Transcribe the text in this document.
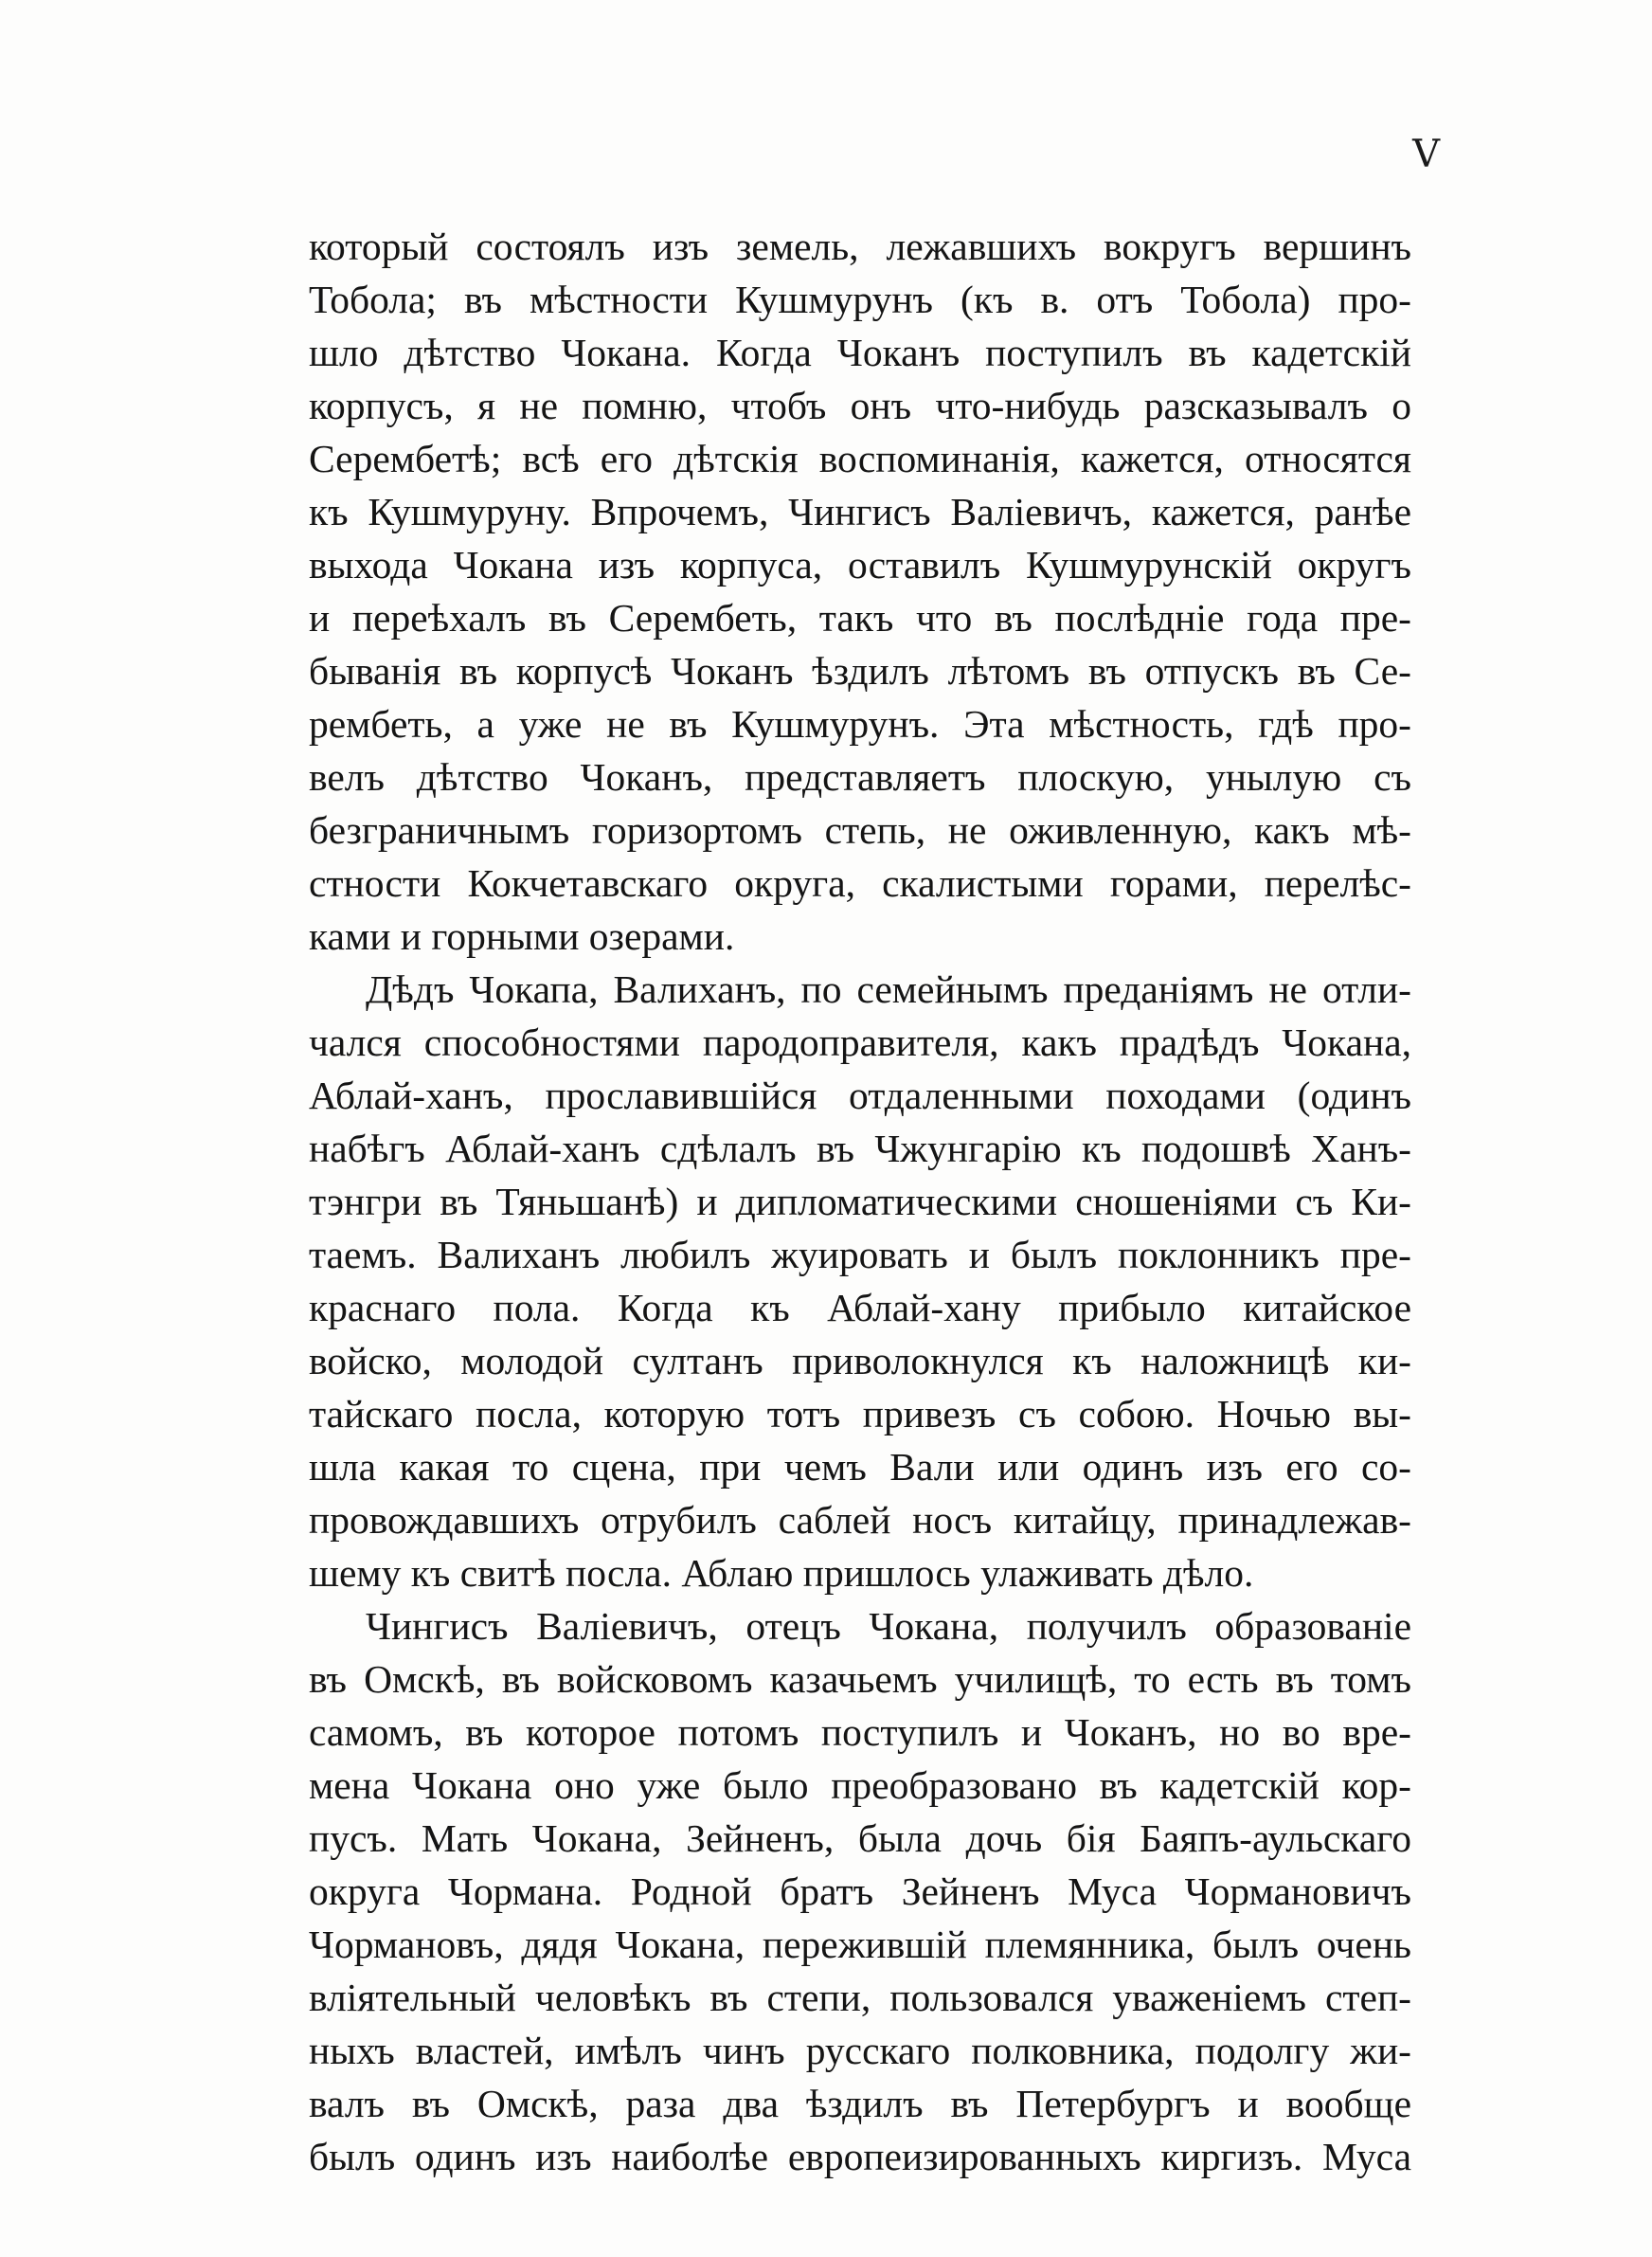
V
который состоялъ изъ земель, лежавшихъ вокругъ вершинъ
Тобола; въ мѣстности Кушмурунъ (къ в. отъ Тобола) про-
шло дѣтство Чокана. Когда Чоканъ поступилъ въ кадетскій
корпусъ, я не помню, чтобъ онъ что-нибудь разсказывалъ о
Серембетѣ; всѣ его дѣтскія воспоминанія, кажется, относятся
къ Кушмуруну. Впрочемъ, Чингисъ Валіевичъ, кажется, ранѣе
выхода Чокана изъ корпуса, оставилъ Кушмурунскій округъ
и переѣхалъ въ Серембеть, такъ что въ послѣдніе года пре-
быванія въ корпусѣ Чоканъ ѣздилъ лѣтомъ въ отпускъ въ Се-
рембеть, а уже не въ Кушмурунъ. Эта мѣстность, гдѣ про-
велъ дѣтство Чоканъ, представляетъ плоскую, унылую съ
безграничнымъ горизортомъ степь, не оживленную, какъ мѣ-
стности Кокчетавскаго округа, скалистыми горами, перелѣс-
ками и горными озерами.
Дѣдъ Чокапа, Валиханъ, по семейнымъ преданіямъ не отли-
чался способностями пародоправителя, какъ прадѣдъ Чокана,
Аблай-ханъ, прославившійся отдаленными походами (одинъ
набѣгъ Аблай-ханъ сдѣлалъ въ Чжунгарію къ подошвѣ Ханъ-
тэнгри въ Тяньшанѣ) и дипломатическими сношеніями съ Ки-
таемъ. Валиханъ любилъ жуировать и былъ поклонникъ пре-
краснаго пола. Когда къ Аблай-хану прибыло китайское
войско, молодой султанъ приволокнулся къ наложницѣ ки-
тайскаго посла, которую тотъ привезъ съ собою. Ночью вы-
шла какая то сцена, при чемъ Вали или одинъ изъ его со-
провождавшихъ отрубилъ саблей носъ китайцу, принадлежав-
шему къ свитѣ посла. Аблаю пришлось улаживать дѣло.
Чингисъ Валіевичъ, отецъ Чокана, получилъ образованіе
въ Омскѣ, въ войсковомъ казачьемъ училищѣ, то есть въ томъ
самомъ, въ которое потомъ поступилъ и Чоканъ, но во вре-
мена Чокана оно уже было преобразовано въ кадетскій кор-
пусъ. Мать Чокана, Зейненъ, была дочь бія Баяпъ-аульскаго
округа Чормана. Родной братъ Зейненъ Муса Чормановичъ
Чормановъ, дядя Чокана, пережившій племянника, былъ очень
вліятельный человѣкъ въ степи, пользовался уваженіемъ степ-
ныхъ властей, имѣлъ чинъ русскаго полковника, подолгу жи-
валъ въ Омскѣ, раза два ѣздилъ въ Петербургъ и вообще
былъ одинъ изъ наиболѣе европеизированныхъ киргизъ. Муса
